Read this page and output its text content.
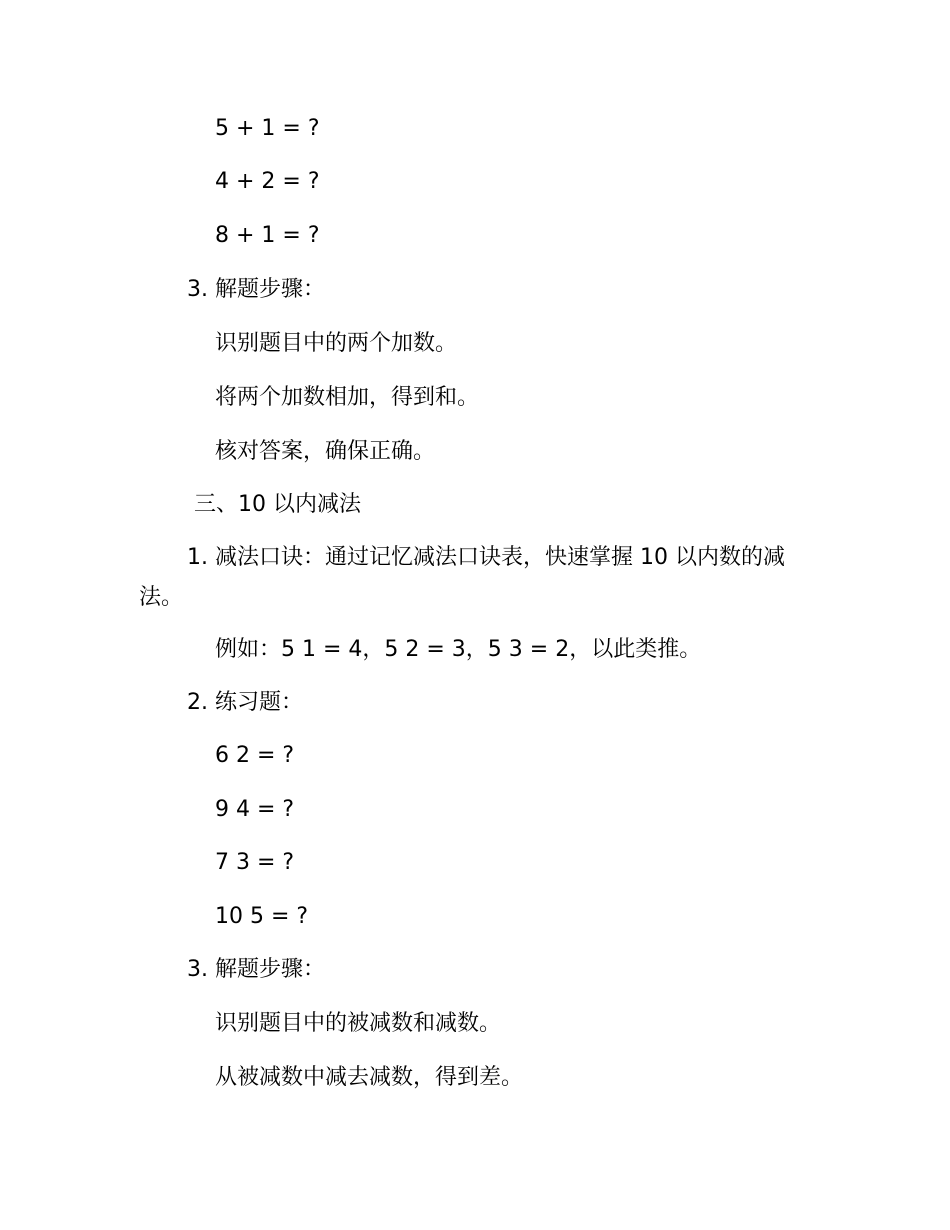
5 + 1 = ?
4 + 2 = ?
8 + 1 = ?
3. 解题步骤：
识别题目中的两个加数。
将两个加数相加，得到和。
核对答案，确保正确。
三、10 以内减法
1. 减法口诀：通过记忆减法口诀表，快速掌握 10 以内数的减法。
例如：5 1 = 4，5 2 = 3，5 3 = 2，以此类推。
2. 练习题：
6 2 = ?
9 4 = ?
7 3 = ?
10 5 = ?
3. 解题步骤：
识别题目中的被减数和减数。
从被减数中减去减数，得到差。
